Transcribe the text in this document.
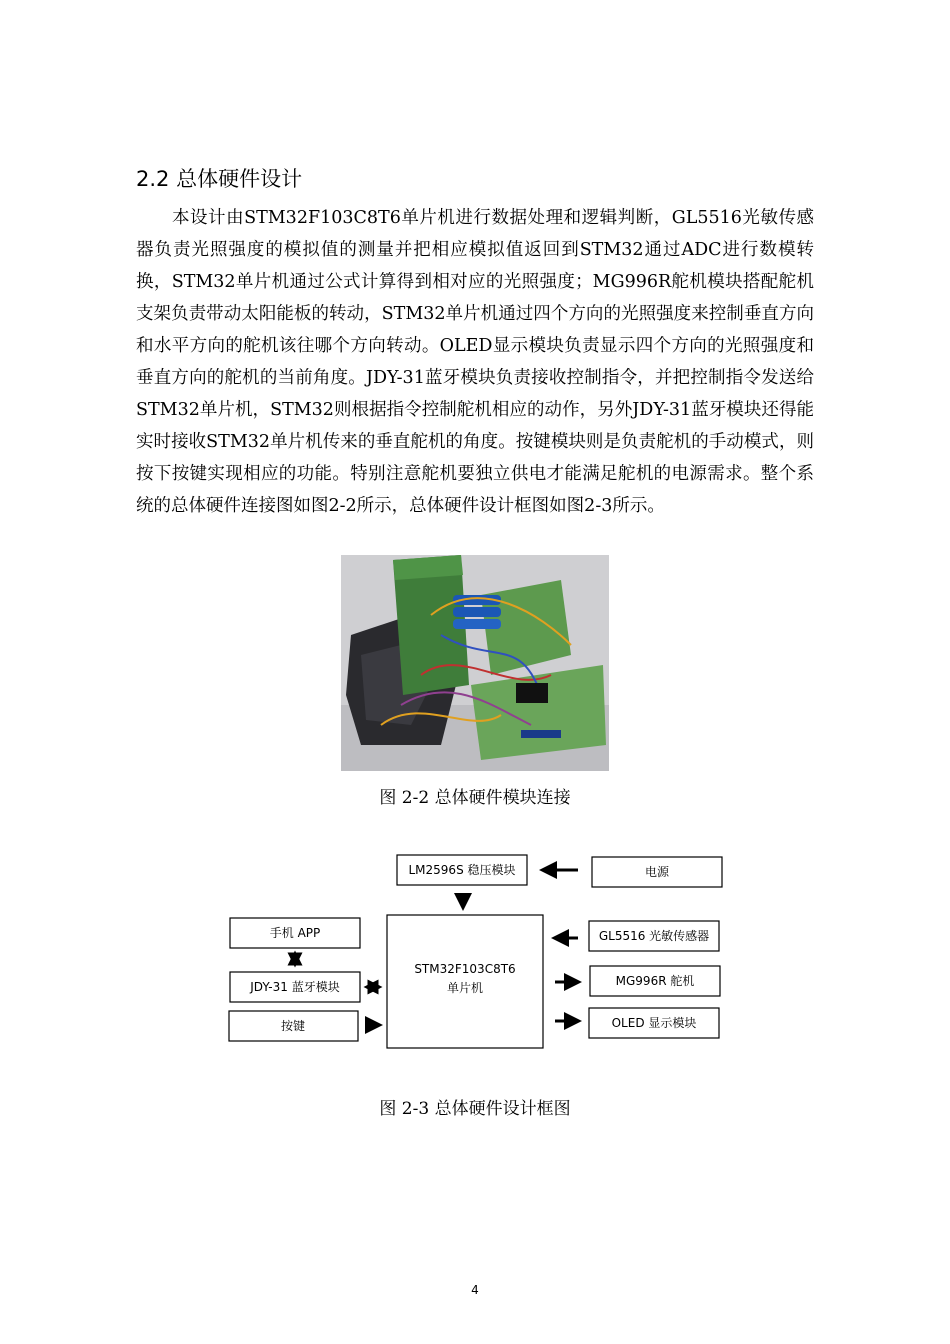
2.2 总体硬件设计
本设计由STM32F103C8T6单片机进行数据处理和逻辑判断，GL5516光敏传感器负责光照强度的模拟值的测量并把相应模拟值返回到STM32通过ADC进行数模转换，STM32单片机通过公式计算得到相对应的光照强度；MG996R舵机模块搭配舵机支架负责带动太阳能板的转动，STM32单片机通过四个方向的光照强度来控制垂直方向和水平方向的舵机该往哪个方向转动。OLED显示模块负责显示四个方向的光照强度和垂直方向的舵机的当前角度。JDY-31蓝牙模块负责接收控制指令，并把控制指令发送给STM32单片机，STM32则根据指令控制舵机相应的动作，另外JDY-31蓝牙模块还得能实时接收STM32单片机传来的垂直舵机的角度。按键模块则是负责舵机的手动模式，则按下按键实现相应的功能。特别注意舵机要独立供电才能满足舵机的电源需求。整个系统的总体硬件连接图如图2-2所示，总体硬件设计框图如图2-3所示。
图 2-2 总体硬件模块连接
STM32F103C8T6
单片机
LM2596S 稳压模块	电源
手机 APP
JDY-31 蓝牙模块
按键
GL5516 光敏传感器
MG996R 舵机
OLED 显示模块
图 2-3 总体硬件设计框图
4
